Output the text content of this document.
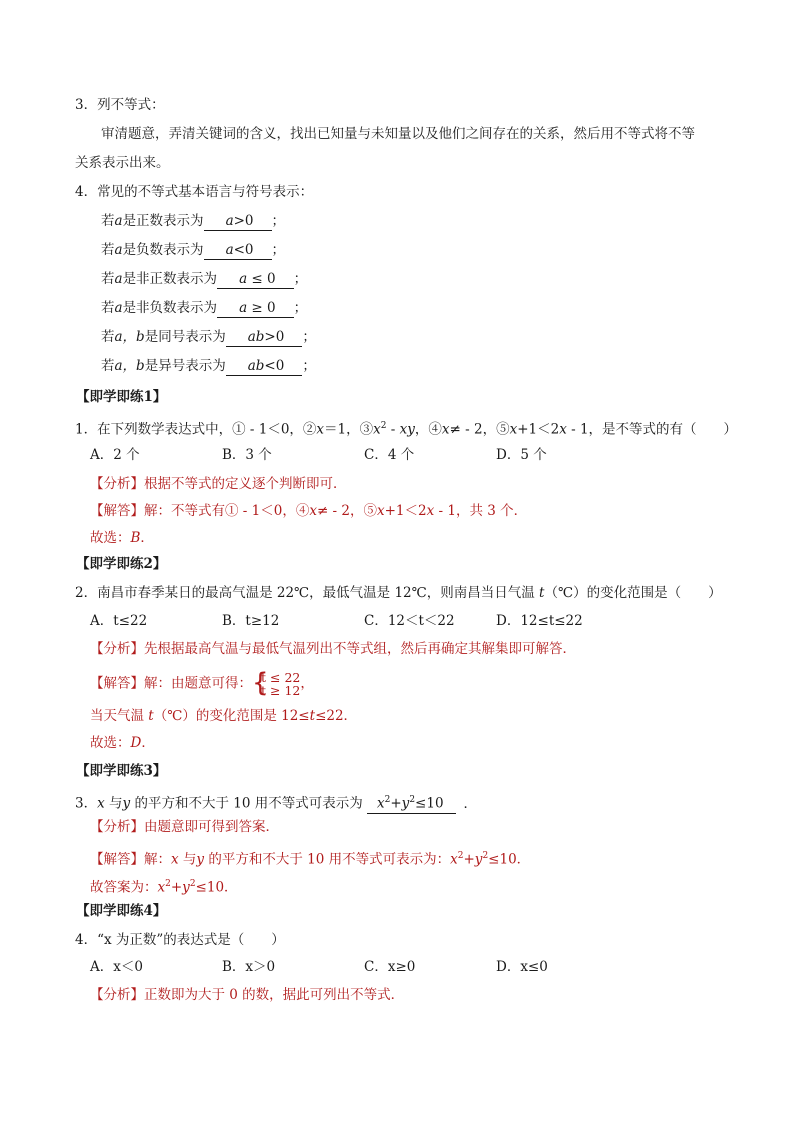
3．列不等式：
审清题意，弄清关键词的含义，找出已知量与未知量以及他们之间存在的关系，然后用不等式将不等
关系表示出来。
4．常见的不等式基本语言与符号表示：
若a是正数表示为 a>0 ；
若a是负数表示为 a<0 ；
若a是非正数表示为 a ≤ 0 ；
若a是非负数表示为 a ≥ 0 ；
若a，b是同号表示为 ab>0 ；
若a，b是异号表示为 ab<0 ；
【即学即练1】
1．在下列数学表达式中，① - 1＜0，②x＝1，$③x^2$ - xy，④x≠ - 2，⑤x+1＜2x - 1，是不等式的有（　　）
A．2 个	B．3 个	C．4 个	D．5 个
【分析】根据不等式的定义逐个判断即可．
【解答】解：不等式有① - 1＜0，④x≠ - 2，⑤x+1＜2x - 1，共 3 个．
故选：B．
【即学即练2】
2．南昌市春季某日的最高气温是 22℃，最低气温是 12℃，则南昌当日气温 t（℃）的变化范围是（　　）
A．t≤22	B．t≥12	C．12＜t＜22	D．12≤t≤22
【分析】先根据最高气温与最低气温列出不等式组，然后再确定其解集即可解答．
【解答】解：由题意可得： {
t ≤ 22
t ≥ 12 ，
当天气温 t（℃）的变化范围是 12≤t≤22．
故选：D．
【即学即练3】
3．x 与y 的平方和不大于 10 用不等式可表示为 $x^2+y^2\le 10$ ．
【分析】由题意即可得到答案．
【解答】解：x 与y 的平方和不大于 10 用不等式可表示为：$x^2+y^2\le 10$．
故答案为：$x^2+y^2\le 10$．
【即学即练4】
4．“x 为正数”的表达式是（　　）
A．x＜0	B．x＞0	C．x≥0	D．x≤0
【分析】正数即为大于 0 的数，据此可列出不等式．
